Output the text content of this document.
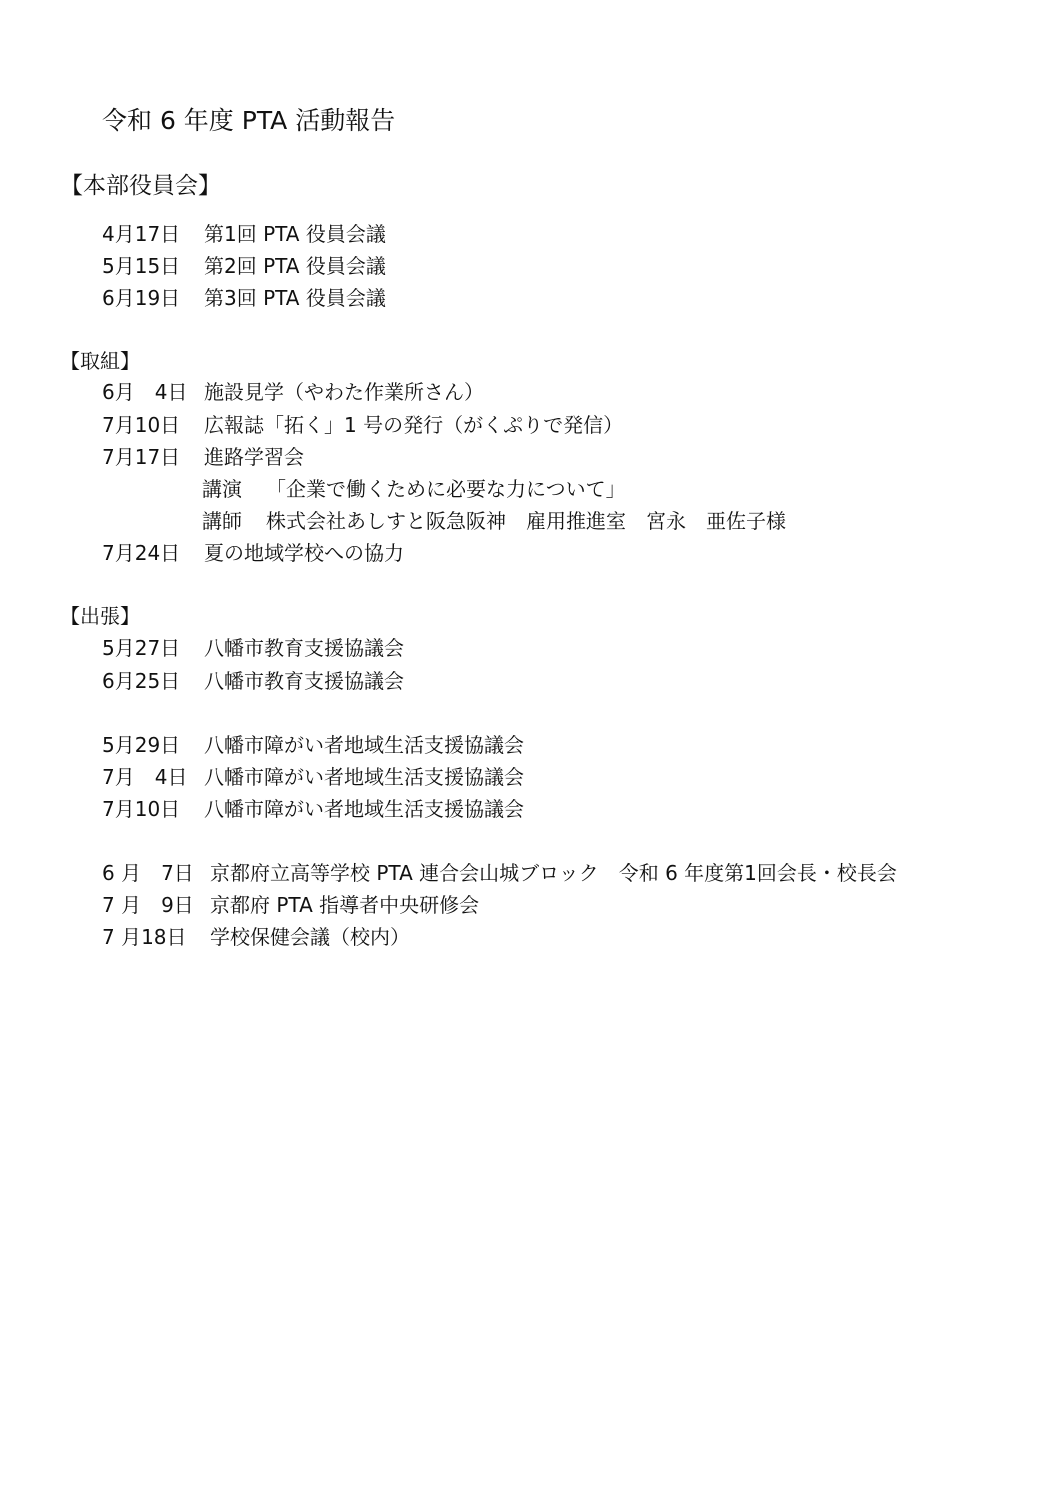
令和 6 年度 PTA 活動報告
【本部役員会】
4月17日 第1回 PTA 役員会議
5月15日 第2回 PTA 役員会議
6月19日 第3回 PTA 役員会議
【取組】
6月　4日 施設見学（やわた作業所さん）
7月10日 広報誌「拓く」1 号の発行（がくぷりで発信）
7月17日 進路学習会
講演 「企業で働くために必要な力について」
講師 株式会社あしすと阪急阪神　雇用推進室　宮永　亜佐子様
7月24日 夏の地域学校への協力
【出張】
5月27日 八幡市教育支援協議会
6月25日 八幡市教育支援協議会
5月29日 八幡市障がい者地域生活支援協議会
7月　4日 八幡市障がい者地域生活支援協議会
7月10日 八幡市障がい者地域生活支援協議会
6 月　7日 京都府立高等学校 PTA 連合会山城ブロック　令和 6 年度第1回会長・校長会
7 月　9日 京都府 PTA 指導者中央研修会
7 月18日 学校保健会議（校内）
